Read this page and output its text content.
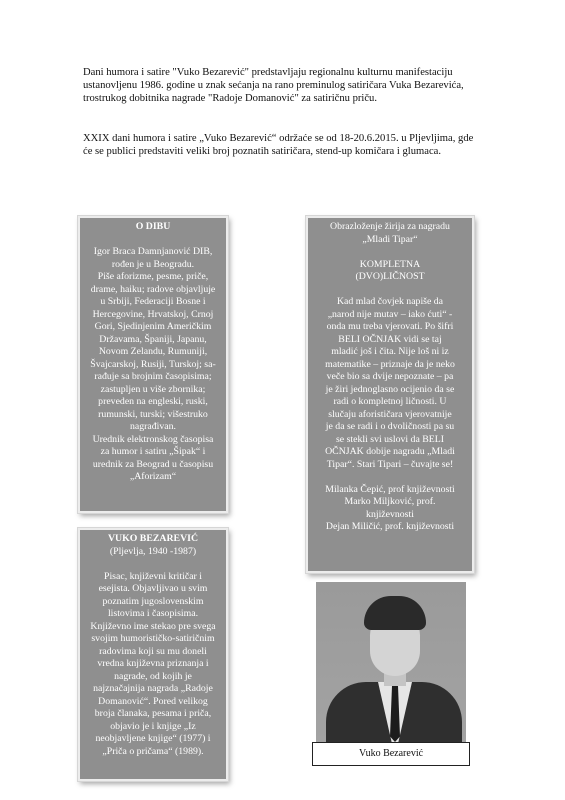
Dani humora i satire "Vuko Bezarević" predstavljaju regionalnu kulturnu manifestaciju
ustanovljenu 1986. godine u znak sećanja na rano preminulog satiričara Vuka Bezarevića,
trostrukog dobitnika nagrade "Radoje Domanović" za satiričnu priču.

XXIX dani humora i satire „Vuko Bezarević“ održaće se od 18-20.6.2015. u Pljevljima, gde
će se publici predstaviti veliki broj poznatih satiričara, stend-up komičara i glumaca.

O DIBU
Igor Braca Damnjanović DIB,
rođen je u Beogradu.
Piše aforizme, pesme, priče,
drame, haiku; radove objavljuje
u Srbiji, Federaciji Bosne i
Hercegovine, Hrvatskoj, Crnoj
Gori, Sjedinjenim Američkim
Državama, Španiji, Japanu,
Novom Zelandu, Rumuniji,
Švajcarskoj, Rusiji, Turskoj; sa-
rađuje sa brojnim časopisima;
zastupljen u više zbornika;
preveden na engleski, ruski,
rumunski, turski; višestruko
nagrađivan.
Urednik elektronskog časopisa
za humor i satiru „Šipak“ i
urednik za Beograd u časopisu
„Aforizam“
VUKO BEZAREVIĆ
(Pljevlja, 1940 -1987)
Pisac, književni kritičar i
esejista. Objavljivao u svim
poznatim jugoslovenskim
listovima i časopisima.
Književno ime stekao pre svega
svojim humorističko-satiričnim
radovima koji su mu doneli
vredna književna priznanja i
nagrade, od kojih je
najznačajnija nagrada „Radoje
Domanović“. Pored velikog
broja članaka, pesama i priča,
objavio je i knjige „Iz
neobjavljene knjige“ (1977) i
„Priča o pričama“ (1989).
Obrazloženje žirija za nagradu
„Mladi Tipar“
KOMPLETNA
(DVO)LIČNOST
Kad mlad čovjek napiše da
„narod nije mutav – iako ćuti“ -
onda mu treba vjerovati. Po šifri
BELI OČNJAK vidi se taj
mladić još i čita. Nije loš ni iz
matematike – priznaje da je neko
veče bio sa dvije nepoznate – pa
je žiri jednoglasno ocijenio da se
radi o kompletnoj ličnosti. U
slučaju aforističara vjerovatnije
je da se radi i o dvoličnosti pa su
se stekli svi uslovi da BELI
OČNJAK dobije nagradu „Mladi
Tipar“. Stari Tipari – čuvajte se!
Milanka Čepić, prof književnosti
Marko Miljković, prof.
književnosti
Dejan Miličić, prof. književnosti
Vuko Bezarević
